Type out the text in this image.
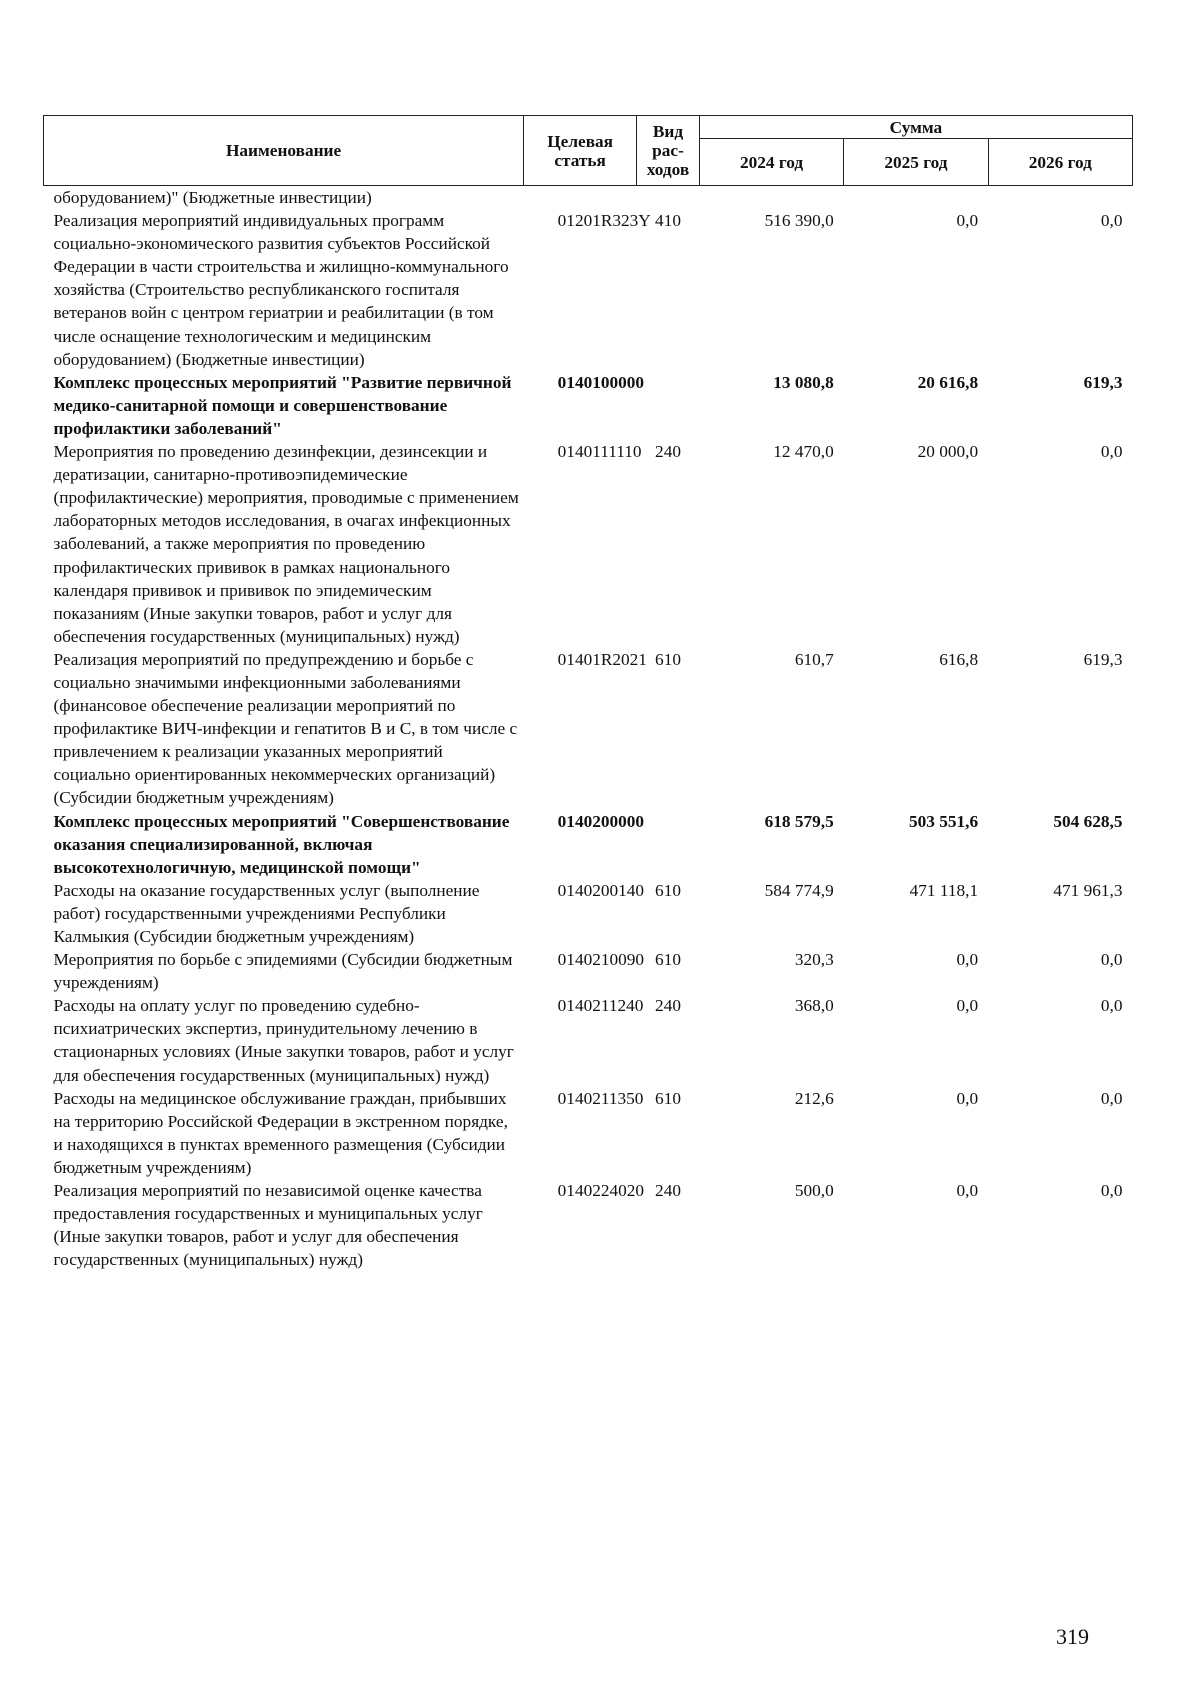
Наименование	Целевая статья	Вид рас-ходов	Сумма		
			2024 год	2025 год	2026 год
оборудованием)" (Бюджетные инвестиции)					
Реализация мероприятий индивидуальных программ социально-экономического развития субъектов Российской Федерации в части строительства и жилищно-коммунального хозяйства (Строительство республиканского госпиталя ветеранов войн с центром гериатрии и реабилитации (в том числе оснащение технологическим и медицинским оборудованием) (Бюджетные инвестиции)	01201R323Y	410	516 390,0	0,0	0,0
Комплекс процессных мероприятий "Развитие первичной медико-санитарной помощи и совершенствование профилактики заболеваний"	0140100000		13 080,8	20 616,8	619,3
Мероприятия по проведению дезинфекции, дезинсекции и дератизации, санитарно-противоэпидемические (профилактические) мероприятия, проводимые с применением лабораторных методов исследования, в очагах инфекционных заболеваний, а также мероприятия по проведению профилактических прививок в рамках национального календаря прививок и прививок по эпидемическим показаниям (Иные закупки товаров, работ и услуг для обеспечения государственных (муниципальных) нужд)	0140111110	240	12 470,0	20 000,0	0,0
Реализация мероприятий по предупреждению и борьбе с социально значимыми инфекционными заболеваниями (финансовое обеспечение реализации мероприятий по профилактике ВИЧ-инфекции и гепатитов B и C, в том числе с привлечением к реализации указанных мероприятий социально ориентированных некоммерческих организаций) (Субсидии бюджетным учреждениям)	01401R2021	610	610,7	616,8	619,3
Комплекс процессных мероприятий "Совершенствование оказания специализированной, включая высокотехнологичную, медицинской помощи"	0140200000		618 579,5	503 551,6	504 628,5
Расходы на оказание государственных услуг (выполнение работ) государственными учреждениями Республики Калмыкия (Субсидии бюджетным учреждениям)	0140200140	610	584 774,9	471 118,1	471 961,3
Мероприятия по борьбе с эпидемиями (Субсидии бюджетным учреждениям)	0140210090	610	320,3	0,0	0,0
Расходы на оплату услуг по проведению судебно-психиатрических экспертиз, принудительному лечению в стационарных условиях (Иные закупки товаров, работ и услуг для обеспечения государственных (муниципальных) нужд)	0140211240	240	368,0	0,0	0,0
Расходы на медицинское обслуживание граждан, прибывших на территорию Российской Федерации в экстренном порядке, и находящихся в пунктах временного размещения (Субсидии бюджетным учреждениям)	0140211350	610	212,6	0,0	0,0
Реализация мероприятий по независимой оценке качества предоставления государственных и муниципальных услуг (Иные закупки товаров, работ и услуг для обеспечения государственных (муниципальных) нужд)	0140224020	240	500,0	0,0	0,0
319
